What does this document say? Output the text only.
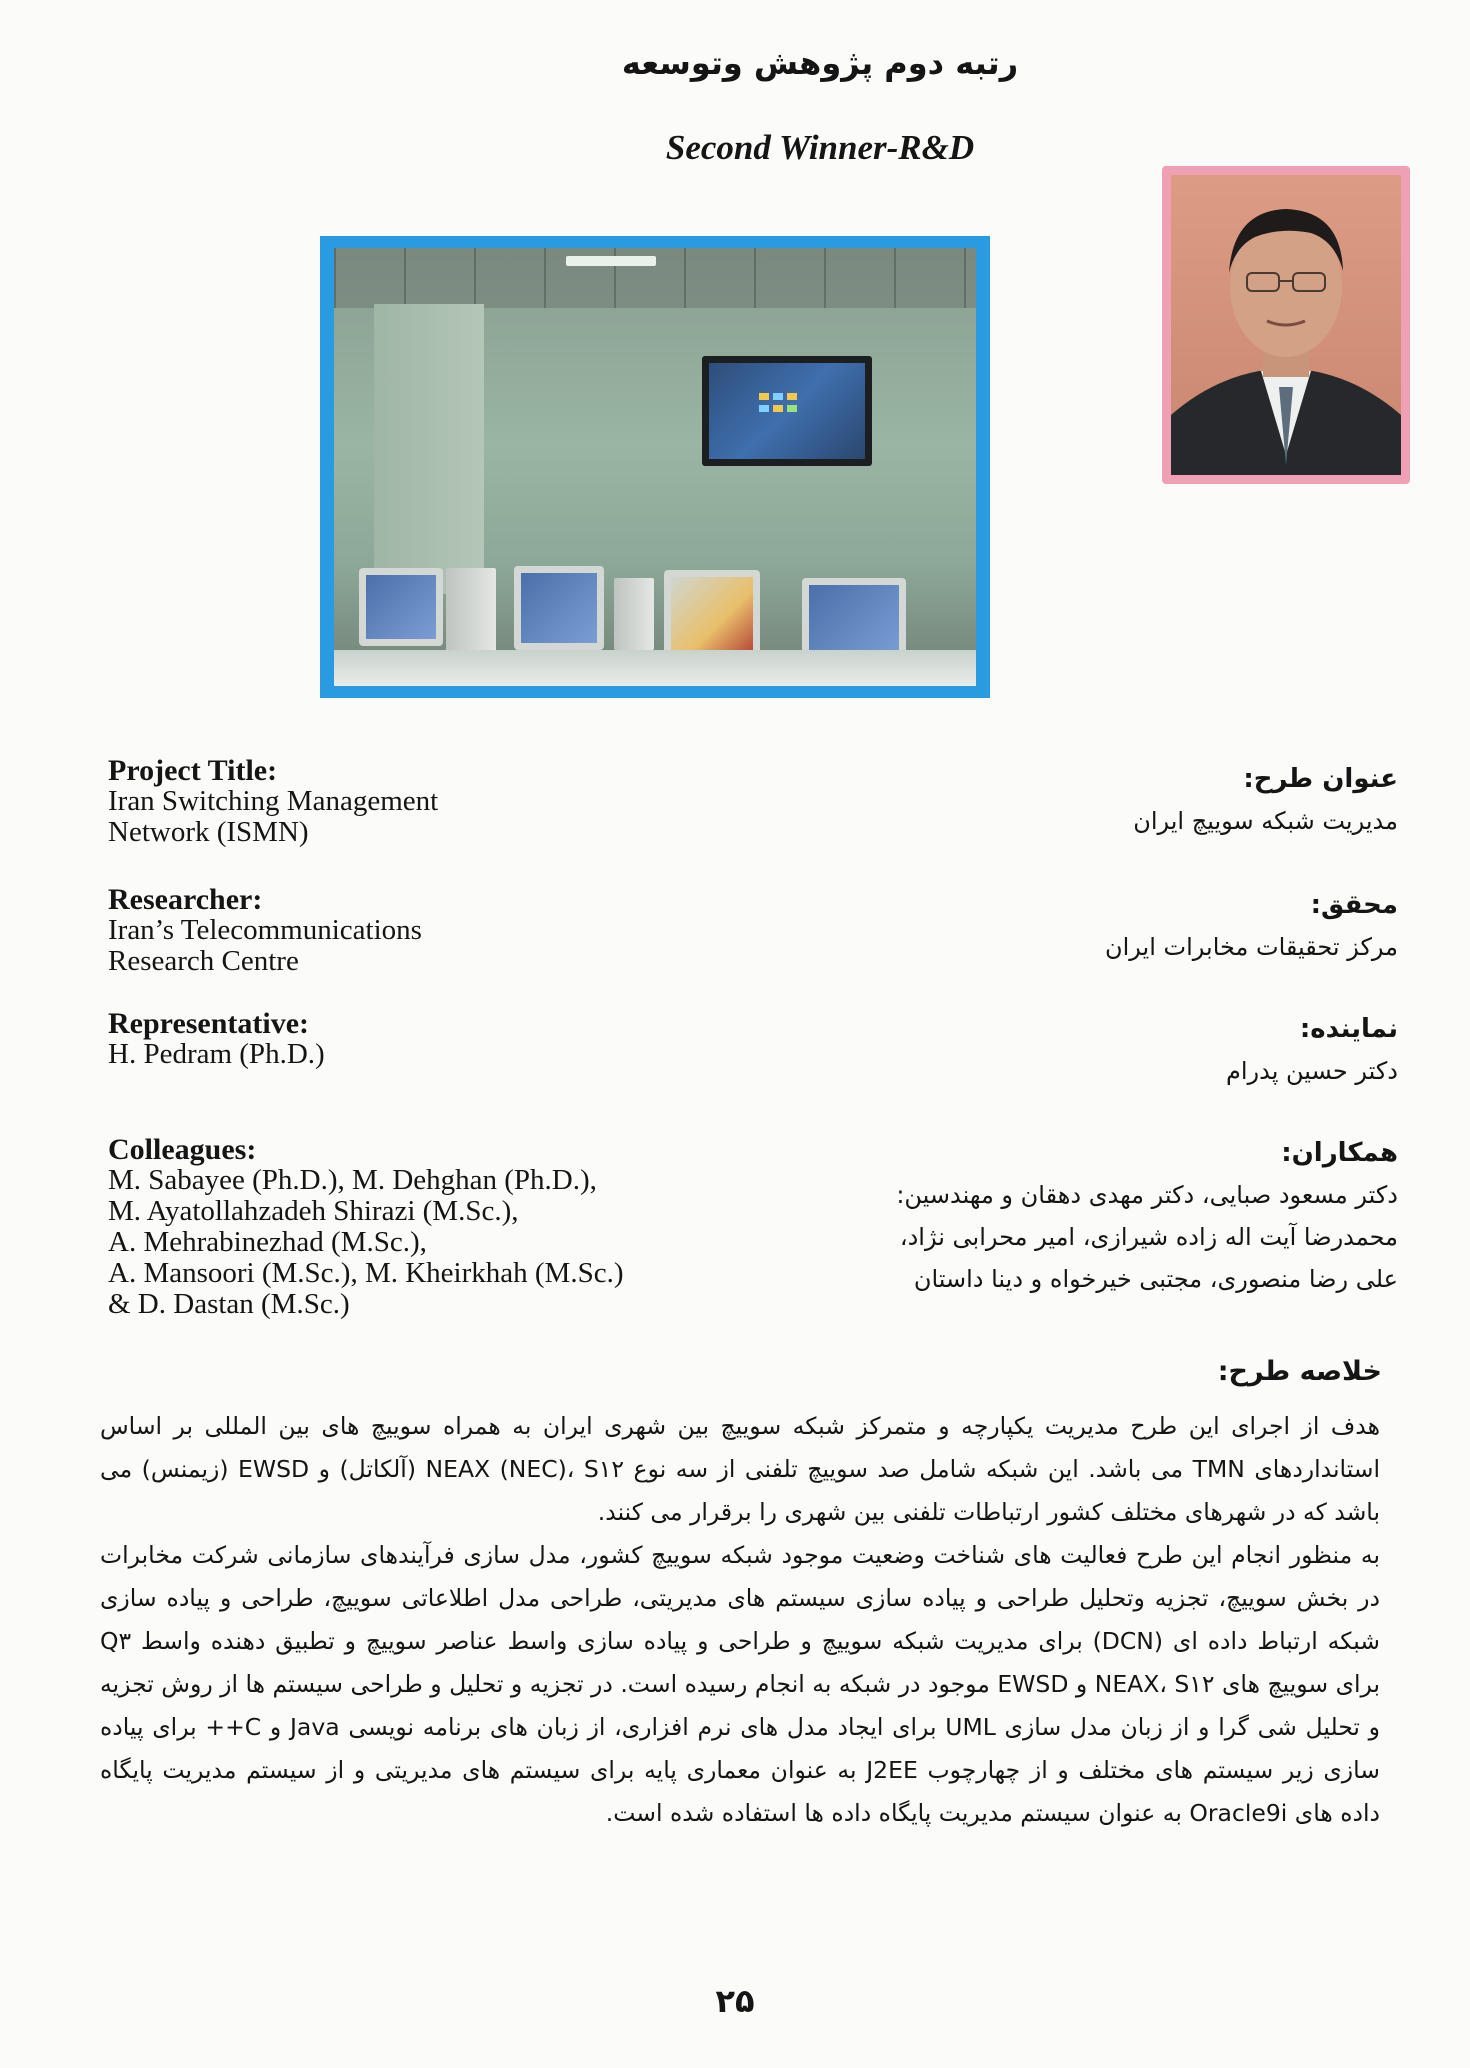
رتبه دوم پژوهش وتوسعه
Second Winner-R&D
Project Title:
Iran Switching Management
Network (ISMN)
Researcher:
Iran’s Telecommunications
Research Centre
Representative:
H. Pedram (Ph.D.)
Colleagues:
M. Sabayee (Ph.D.), M. Dehghan (Ph.D.),
M. Ayatollahzadeh Shirazi (M.Sc.),
A. Mehrabinezhad (M.Sc.),
A. Mansoori (M.Sc.), M. Kheirkhah (M.Sc.)
& D. Dastan (M.Sc.)
عنوان طرح:
مدیریت شبکه سوییچ ایران
محقق:
مرکز تحقیقات مخابرات ایران
نماینده:
دکتر حسین پدرام
همکاران:
دکتر مسعود صبایی، دکتر مهدی دهقان و مهندسین:
محمدرضا آیت اله زاده شیرازی، امیر محرابی نژاد،
علی رضا منصوری، مجتبی خیرخواه و دینا داستان
خلاصه طرح:

هدف از اجرای این طرح مدیریت یکپارچه و متمرکز شبکه سوییچ بین شهری ایران به همراه سوییچ های بین المللی بر اساس استانداردهای TMN می باشد. این شبکه شامل صد سوییچ تلفنی از سه نوع NEAX (NEC)، S۱۲ (آلکاتل) و EWSD (زیمنس) می باشد که در شهرهای مختلف کشور ارتباطات تلفنی بین شهری را برقرار می کنند.

به منظور انجام این طرح فعالیت های شناخت وضعیت موجود شبکه سوییچ کشور، مدل سازی فرآیندهای سازمانی شرکت مخابرات در بخش سوییچ، تجزیه وتحلیل طراحی و پیاده سازی سیستم های مدیریتی، طراحی مدل اطلاعاتی سوییچ، طراحی و پیاده سازی شبکه ارتباط داده ای (DCN) برای مدیریت شبکه سوییچ و طراحی و پیاده سازی واسط عناصر سوییچ و تطبیق دهنده واسط Q۳ برای سوییچ های NEAX، S۱۲ و EWSD موجود در شبکه به انجام رسیده است. در تجزیه و تحلیل و طراحی سیستم ها از روش تجزیه و تحلیل شی گرا و از زبان مدل سازی UML برای ایجاد مدل های نرم افزاری، از زبان های برنامه نویسی Java و C++ برای پیاده سازی زیر سیستم های مختلف و از چهارچوب J2EE به عنوان معماری پایه برای سیستم های مدیریتی و از سیستم مدیریت پایگاه داده های Oracle9i به عنوان سیستم مدیریت پایگاه داده ها استفاده شده است.

۲۵
